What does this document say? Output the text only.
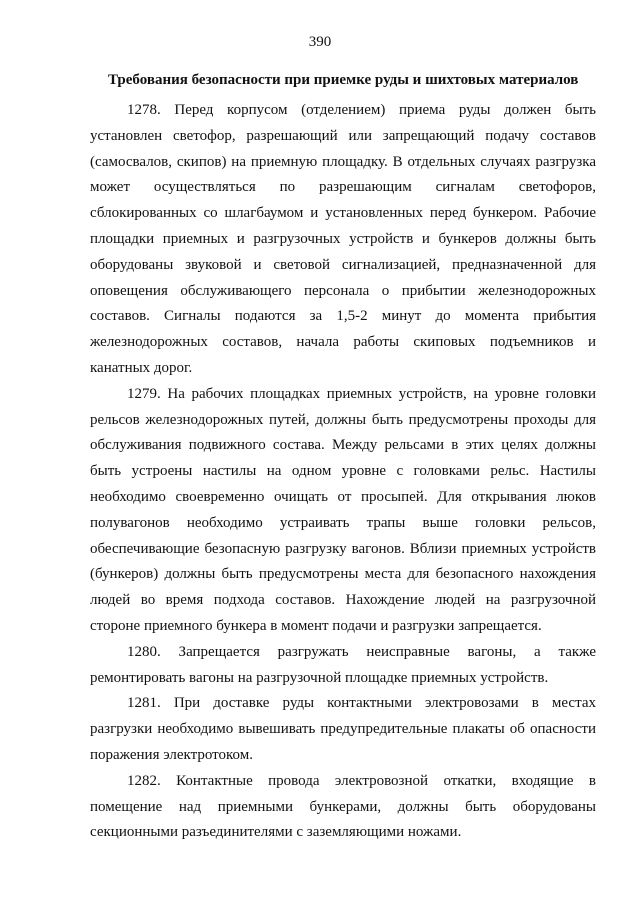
390
Требования безопасности при приемке руды и шихтовых материалов

1278. Перед корпусом (отделением) приема руды должен быть
установлен светофор, разрешающий или запрещающий подачу составов
(самосвалов, скипов) на приемную площадку. В отдельных случаях разгрузка
может осуществляться по разрешающим сигналам светофоров,
сблокированных со шлагбаумом и установленных перед бункером. Рабочие
площадки приемных и разгрузочных устройств и бункеров должны быть
оборудованы звуковой и световой сигнализацией, предназначенной для
оповещения обслуживающего персонала о прибытии железнодорожных
составов. Сигналы подаются за 1,5-2 минут до момента прибытия
железнодорожных составов, начала работы скиповых подъемников и
канатных дорог.

1279. На рабочих площадках приемных устройств, на уровне головки
рельсов железнодорожных путей, должны быть предусмотрены проходы для
обслуживания подвижного состава. Между рельсами в этих целях должны
быть устроены настилы на одном уровне с головками рельс. Настилы
необходимо своевременно очищать от просыпей. Для открывания люков
полувагонов необходимо устраивать трапы выше головки рельсов,
обеспечивающие безопасную разгрузку вагонов. Вблизи приемных устройств
(бункеров) должны быть предусмотрены места для безопасного нахождения
людей во время подхода составов. Нахождение людей на разгрузочной
стороне приемного бункера в момент подачи и разгрузки запрещается.

1280. Запрещается разгружать неисправные вагоны, а также
ремонтировать вагоны на разгрузочной площадке приемных устройств.

1281. При доставке руды контактными электровозами в местах
разгрузки необходимо вывешивать предупредительные плакаты об опасности
поражения электротоком.

1282. Контактные провода электровозной откатки, входящие в
помещение над приемными бункерами, должны быть оборудованы
секционными разъединителями с заземляющими ножами.
